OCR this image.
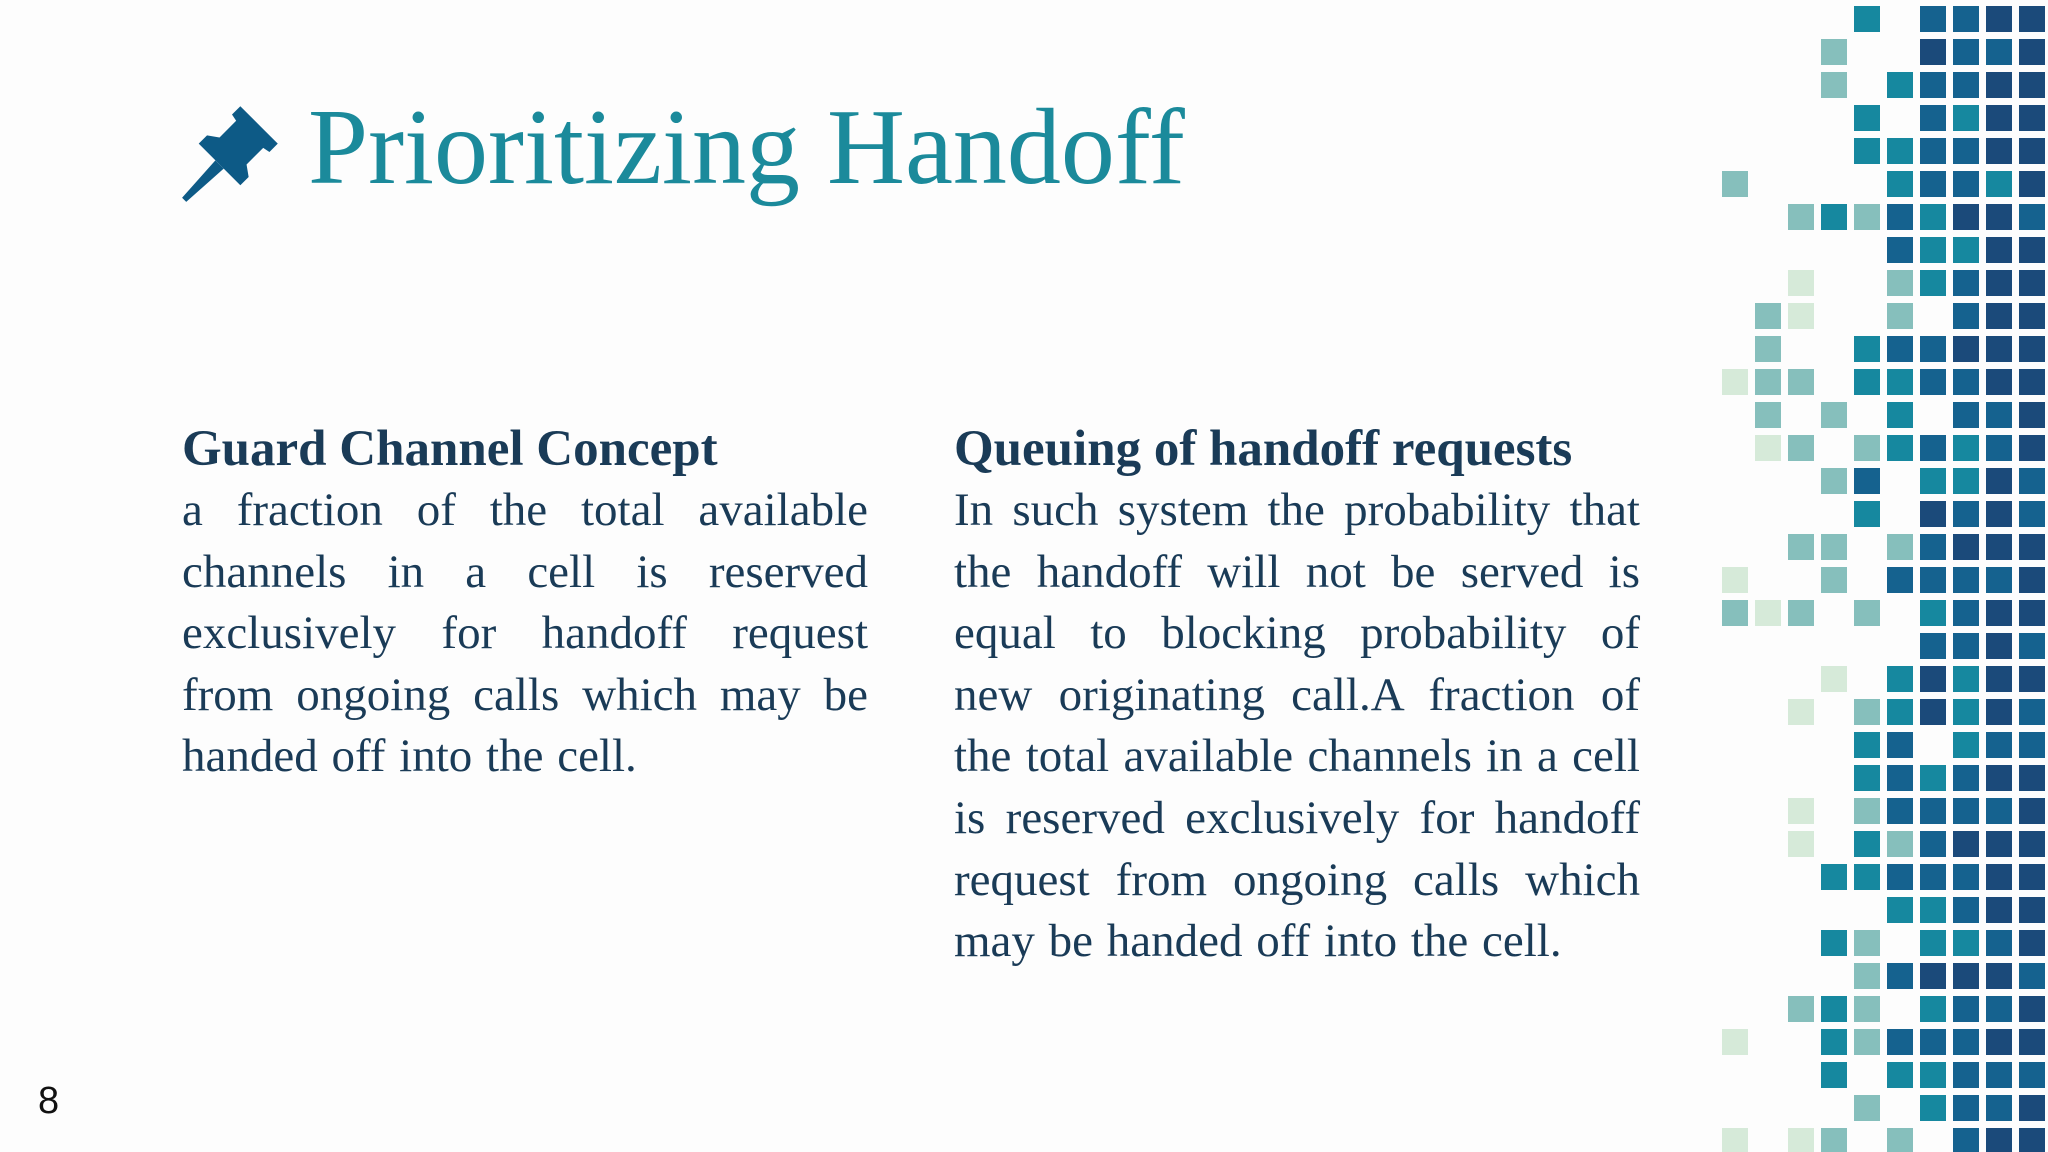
Prioritizing Handoff
Guard Channel Concept
a fraction of the total available channels in a cell is reserved exclusively for handoff request from ongoing calls which may be handed off into the cell.
Queuing of handoff requests
In such system the probability that the handoff will not be served is equal to blocking probability of new originating call.A fraction of the total available channels in a cell is reserved exclusively for handoff request from ongoing calls which may be handed off into the cell.
8
